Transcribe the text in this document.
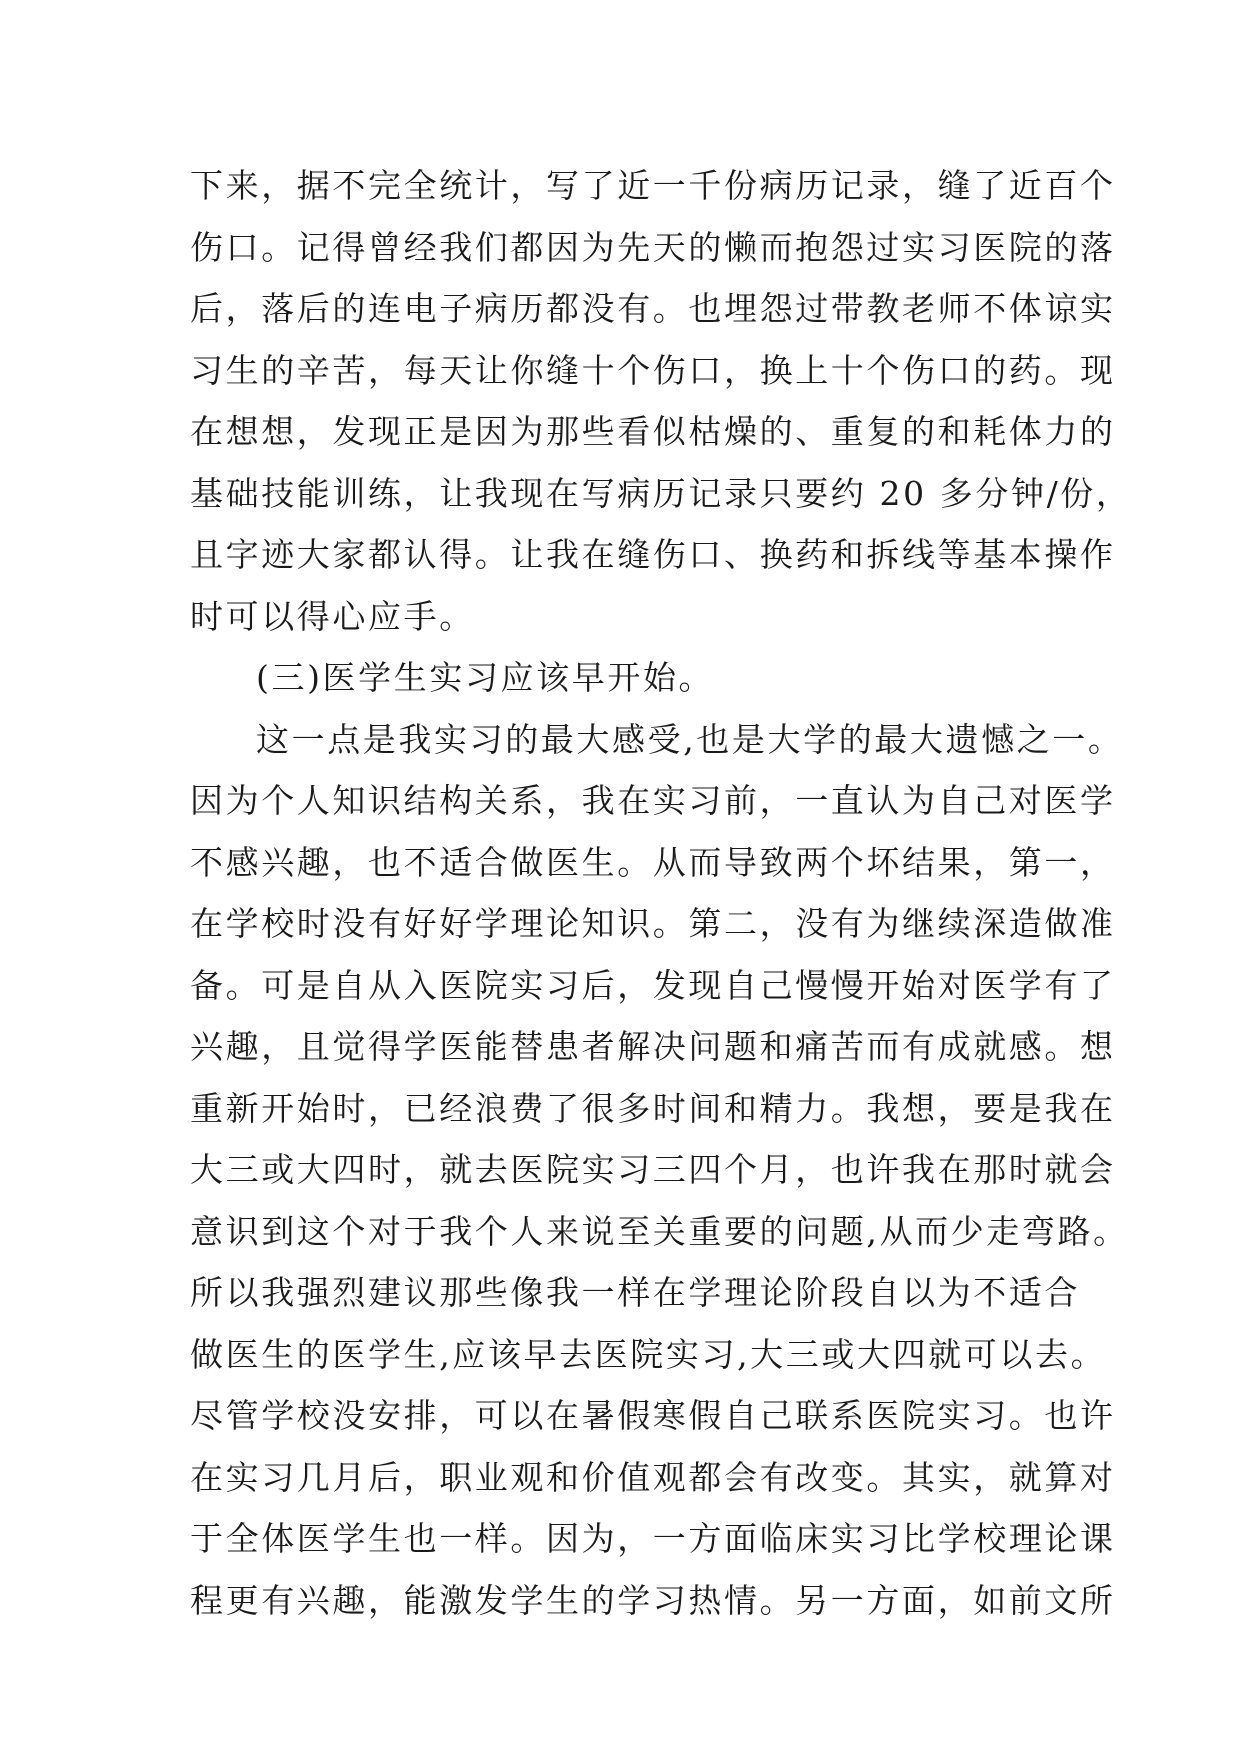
下来，据不完全统计，写了近一千份病历记录，缝了近百个
伤口。记得曾经我们都因为先天的懒而抱怨过实习医院的落
后，落后的连电子病历都没有。也埋怨过带教老师不体谅实
习生的辛苦，每天让你缝十个伤口，换上十个伤口的药。现
在想想，发现正是因为那些看似枯燥的、重复的和耗体力的
基础技能训练，让我现在写病历记录只要约 20 多分钟/份，
且字迹大家都认得。让我在缝伤口、换药和拆线等基本操作
时可以得心应手。
(三)医学生实习应该早开始。
这一点是我实习的最大感受,也是大学的最大遗憾之一。
因为个人知识结构关系，我在实习前，一直认为自己对医学
不感兴趣，也不适合做医生。从而导致两个坏结果，第一，
在学校时没有好好学理论知识。第二，没有为继续深造做准
备。可是自从入医院实习后，发现自己慢慢开始对医学有了
兴趣，且觉得学医能替患者解决问题和痛苦而有成就感。想
重新开始时，已经浪费了很多时间和精力。我想，要是我在
大三或大四时，就去医院实习三四个月，也许我在那时就会
意识到这个对于我个人来说至关重要的问题,从而少走弯路。
所以我强烈建议那些像我一样在学理论阶段自以为不适合
做医生的医学生,应该早去医院实习,大三或大四就可以去。
尽管学校没安排，可以在暑假寒假自己联系医院实习。也许
在实习几月后，职业观和价值观都会有改变。其实，就算对
于全体医学生也一样。因为，一方面临床实习比学校理论课
程更有兴趣，能激发学生的学习热情。另一方面，如前文所
